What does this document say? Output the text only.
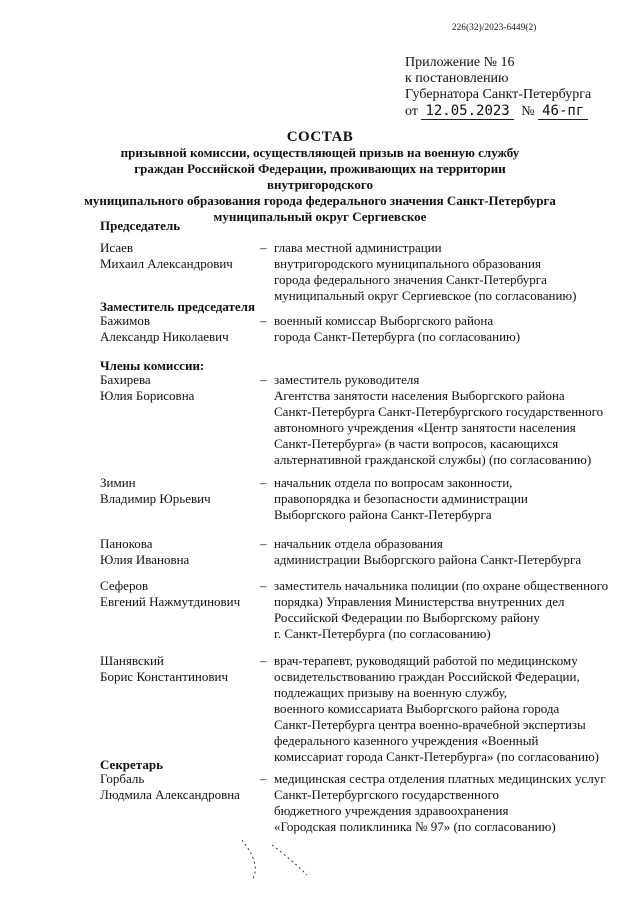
226(32)/2023-6449(2)
Приложение № 16
к постановлению
Губернатора Санкт-Петербурга
от 12.05.2023 № 46-пг
СОСТАВ
призывной комиссии, осуществляющей призыв на военную службу
граждан Российской Федерации, проживающих на территории внутригородского
муниципального образования города федерального значения Санкт-Петербурга
муниципальный округ Сергиевское
Председатель
Исаев
Михаил Александрович
– глава местной администрации
внутригородского муниципального образования
города федерального значения Санкт-Петербурга
муниципальный округ Сергиевское (по согласованию)
Заместитель председателя
Бажимов
Александр Николаевич
– военный комиссар Выборгского района
города Санкт-Петербурга (по согласованию)
Члены комиссии:
Бахирева
Юлия Борисовна
– заместитель руководителя
Агентства занятости населения Выборгского района
Санкт-Петербурга Санкт-Петербургского государственного
автономного учреждения «Центр занятости населения
Санкт-Петербурга» (в части вопросов, касающихся
альтернативной гражданской службы) (по согласованию)
Зимин
Владимир Юрьевич
– начальник отдела по вопросам законности,
правопорядка и безопасности администрации
Выборгского района Санкт-Петербурга
Панокова
Юлия Ивановна
– начальник отдела образования
администрации Выборгского района Санкт-Петербурга
Сеферов
Евгений Нажмутдинович
– заместитель начальника полиции (по охране общественного
порядка) Управления Министерства внутренних дел
Российской Федерации по Выборгскому району
г. Санкт-Петербурга (по согласованию)
Шанявский
Борис Константинович
– врач-терапевт, руководящий работой по медицинскому
освидетельствованию граждан Российской Федерации,
подлежащих призыву на военную службу,
военного комиссариата Выборгского района города
Санкт-Петербурга центра военно-врачебной экспертизы
федерального казенного учреждения «Военный
комиссариат города Санкт-Петербурга» (по согласованию)
Секретарь
Горбаль
Людмила Александровна
– медицинская сестра отделения платных медицинских услуг
Санкт-Петербургского государственного
бюджетного учреждения здравоохранения
«Городская поликлиника № 97» (по согласованию)
